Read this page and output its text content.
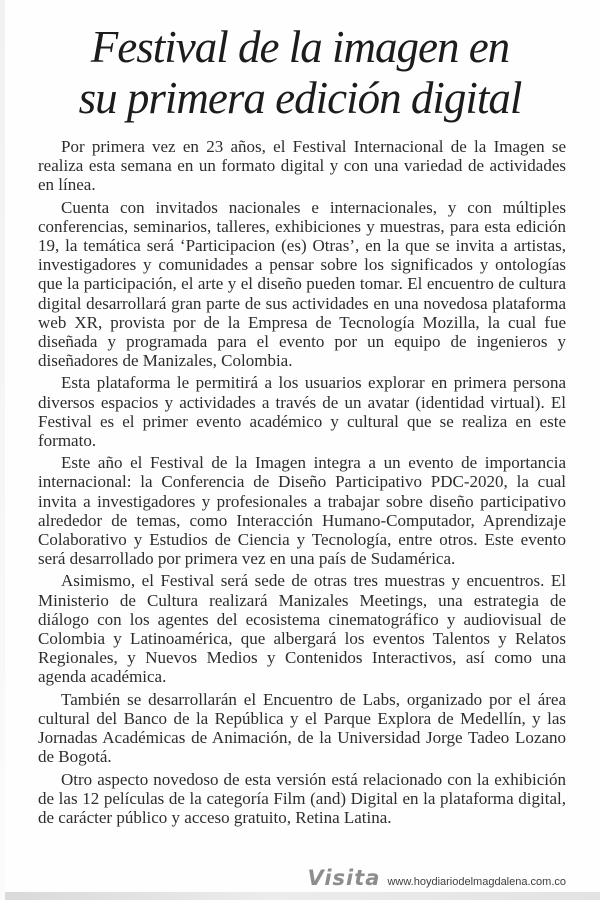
Festival de la imagen en
su primera edición digital

Por primera vez en 23 años, el Festival Internacional de la Imagen se realiza esta semana en un formato digital y con una variedad de actividades en línea.

Cuenta con invitados nacionales e internacionales, y con múltiples conferencias, seminarios, talleres, exhibiciones y muestras, para esta edición 19, la temática será ‘Participacion (es) Otras’, en la que se invita a artistas, investigadores y comunidades a pensar sobre los significados y ontologías que la participación, el arte y el diseño pueden tomar. El encuentro de cultura digital desarrollará gran parte de sus actividades en una novedosa plataforma web XR, provista por de la Empresa de Tecnología Mozilla, la cual fue diseñada y programada para el evento por un equipo de ingenieros y diseñadores de Manizales, Colombia.

Esta plataforma le permitirá a los usuarios explorar en primera persona diversos espacios y actividades a través de un avatar (identidad virtual). El Festival es el primer evento académico y cultural que se realiza en este formato.

Este año el Festival de la Imagen integra a un evento de importancia internacional: la Conferencia de Diseño Participativo PDC-2020, la cual invita a investigadores y profesionales a trabajar sobre diseño participativo alrededor de temas, como Interacción Humano-Computador, Aprendizaje Colaborativo y Estudios de Ciencia y Tecnología, entre otros. Este evento será desarrollado por primera vez en una país de Sudamérica.

Asimismo, el Festival será sede de otras tres muestras y encuentros. El Ministerio de Cultura realizará Manizales Meetings, una estrategia de diálogo con los agentes del ecosistema cinematográfico y audiovisual de Colombia y Latinoamérica, que albergará los eventos Talentos y Relatos Regionales, y Nuevos Medios y Contenidos Interactivos, así como una agenda académica.

También se desarrollarán el Encuentro de Labs, organizado por el área cultural del Banco de la República y el Parque Explora de Medellín, y las Jornadas Académicas de Animación, de la Universidad Jorge Tadeo Lozano de Bogotá.

Otro aspecto novedoso de esta versión está relacionado con la exhibición de las 12 películas de la categoría Film (and) Digital en la plataforma digital, de carácter público y acceso gratuito, Retina Latina.

Visita www.hoydiariodelmagdalena.com.co
